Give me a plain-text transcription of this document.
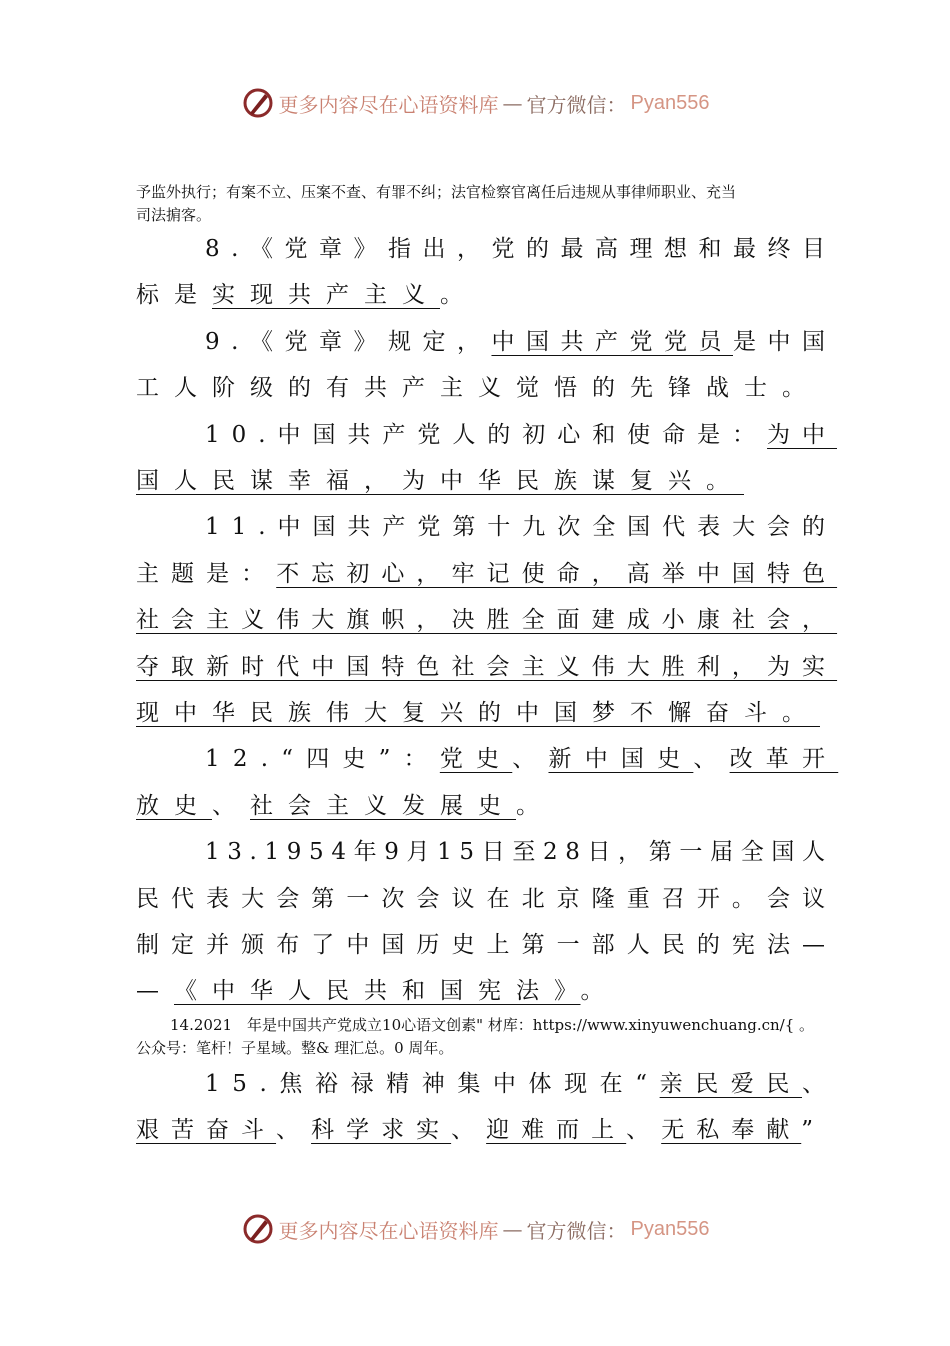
更多内容尽在心语资料库 — 官方微信： Pyan556
予监外执行；有案不立、压案不查、有罪不纠；法官检察官离任后违规从事律师职业、充当
司法掮客。
8.《党章》指出，党的最高理想和最终目
标是实现共产主义。
9.《党章》规定，中国共产党党员是中国
工人阶级的有共产主义觉悟的先锋战士。
10.中国共产党人的初心和使命是：为中
国人民谋幸福，为中华民族谋复兴。
11.中国共产党第十九次全国代表大会的
主题是：不忘初心，牢记使命，高举中国特色
社会主义伟大旗帜，决胜全面建成小康社会，
夺取新时代中国特色社会主义伟大胜利，为实
现中华民族伟大复兴的中国梦不懈奋斗。
12.“四史”：党史、新中国史、改革开
放史、社会主义发展史。
13.1954年9月15日至28日，第一届全国人
民代表大会第一次会议在北京隆重召开。会议
制定并颁布了中国历史上第一部人民的宪法—
—《中华人民共和国宪法》。
15.焦裕禄精神集中体现在“亲民爱民、
艰苦奋斗、科学求实、迎难而上、无私奉献”
14.2021　年是中国共产党成立10心语文创素" 材库：https://www.xinyuwenchuang.cn/{ 。
公众号：笔杆！子星域。整& 理汇总。0 周年。
更多内容尽在心语资料库 — 官方微信： Pyan556
